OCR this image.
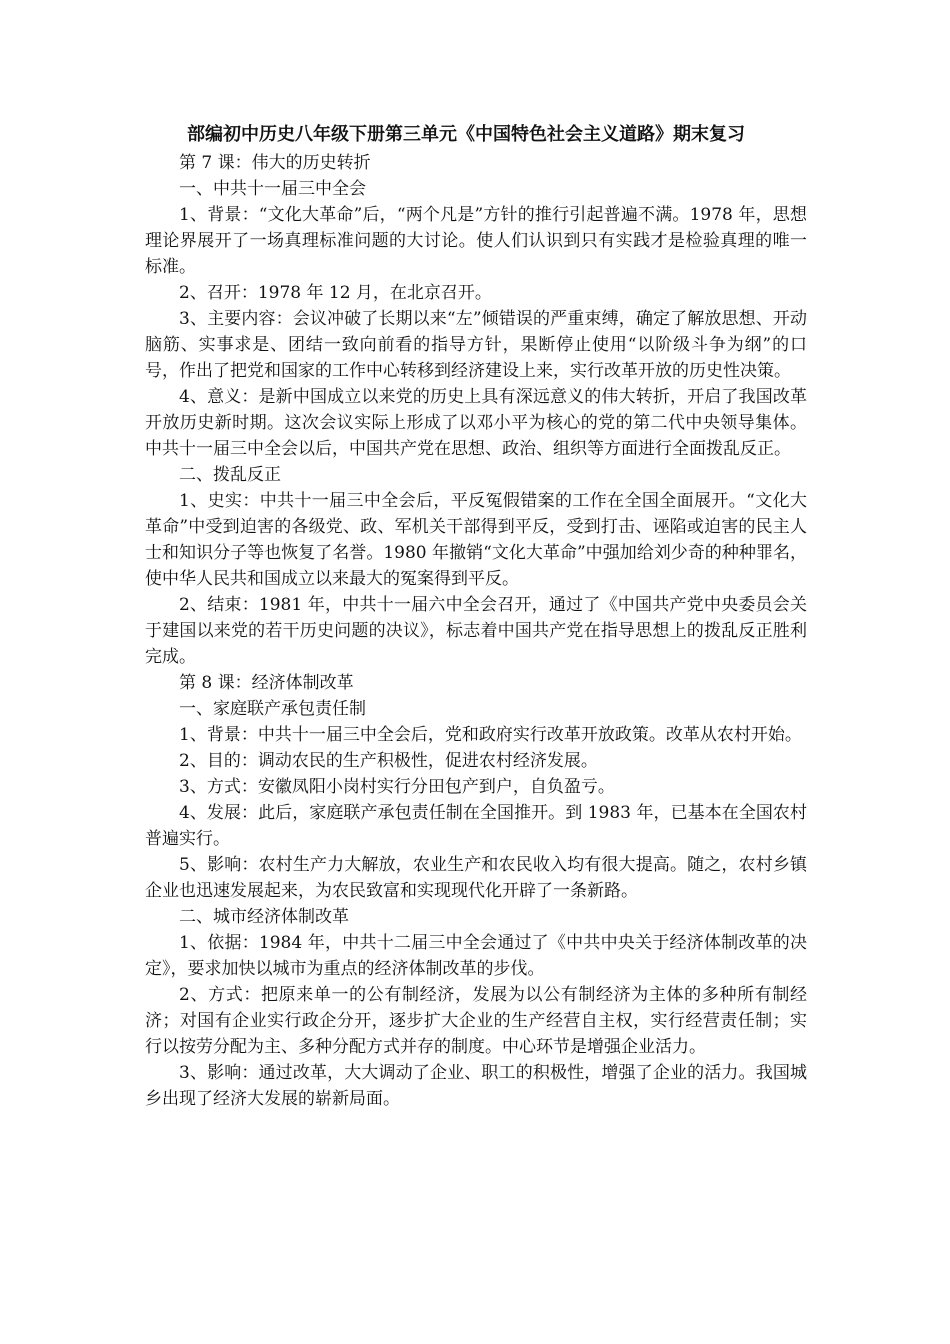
部编初中历史八年级下册第三单元《中国特色社会主义道路》期末复习

第 7 课：伟大的历史转折

一、中共十一届三中全会

1、背景：“文化大革命”后，“两个凡是”方针的推行引起普遍不满。1978 年，思想理论界展开了一场真理标准问题的大讨论。使人们认识到只有实践才是检验真理的唯一标准。

2、召开：1978 年 12 月，在北京召开。

3、主要内容：会议冲破了长期以来“左”倾错误的严重束缚，确定了解放思想、开动脑筋、实事求是、团结一致向前看的指导方针，果断停止使用“以阶级斗争为纲”的口号，作出了把党和国家的工作中心转移到经济建设上来，实行改革开放的历史性决策。

4、意义：是新中国成立以来党的历史上具有深远意义的伟大转折，开启了我国改革开放历史新时期。这次会议实际上形成了以邓小平为核心的党的第二代中央领导集体。中共十一届三中全会以后，中国共产党在思想、政治、组织等方面进行全面拨乱反正。

二、拨乱反正

1、史实：中共十一届三中全会后，平反冤假错案的工作在全国全面展开。“文化大革命”中受到迫害的各级党、政、军机关干部得到平反，受到打击、诬陷或迫害的民主人士和知识分子等也恢复了名誉。1980 年撤销“文化大革命”中强加给刘少奇的种种罪名，使中华人民共和国成立以来最大的冤案得到平反。

2、结束：1981 年，中共十一届六中全会召开，通过了《中国共产党中央委员会关于建国以来党的若干历史问题的决议》，标志着中国共产党在指导思想上的拨乱反正胜利完成。

第 8 课：经济体制改革

一、家庭联产承包责任制

1、背景：中共十一届三中全会后，党和政府实行改革开放政策。改革从农村开始。

2、目的：调动农民的生产积极性，促进农村经济发展。

3、方式：安徽凤阳小岗村实行分田包产到户，自负盈亏。

4、发展：此后，家庭联产承包责任制在全国推开。到 1983 年，已基本在全国农村普遍实行。

5、影响：农村生产力大解放，农业生产和农民收入均有很大提高。随之，农村乡镇企业也迅速发展起来，为农民致富和实现现代化开辟了一条新路。

二、城市经济体制改革

1、依据：1984 年，中共十二届三中全会通过了《中共中央关于经济体制改革的决定》，要求加快以城市为重点的经济体制改革的步伐。

2、方式：把原来单一的公有制经济，发展为以公有制经济为主体的多种所有制经济；对国有企业实行政企分开，逐步扩大企业的生产经营自主权，实行经营责任制；实行以按劳分配为主、多种分配方式并存的制度。中心环节是增强企业活力。

3、影响：通过改革，大大调动了企业、职工的积极性，增强了企业的活力。我国城乡出现了经济大发展的崭新局面。
